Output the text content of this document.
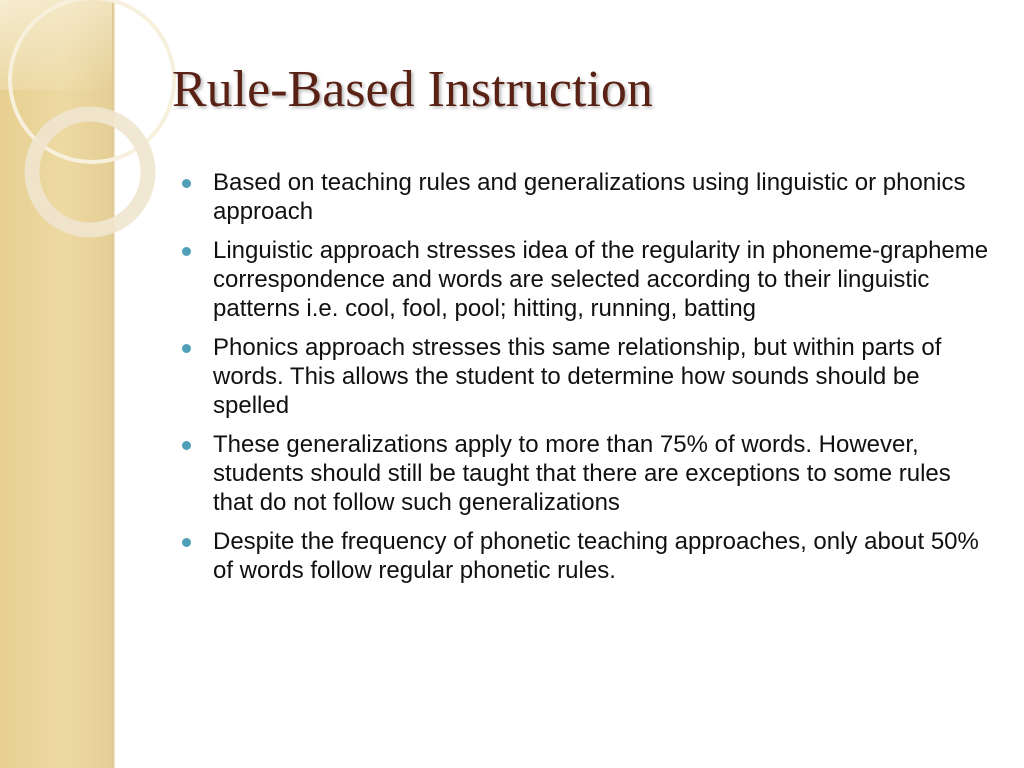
Rule-Based Instruction
Based on teaching rules and generalizations using linguistic or phonics approach
Linguistic approach stresses idea of the regularity in phoneme-grapheme correspondence and words are selected according to their linguistic patterns i.e. cool, fool, pool; hitting, running, batting
Phonics approach stresses this same relationship, but within parts of words. This allows the student to determine how sounds should be spelled
These generalizations apply to more than 75% of words. However, students should still be taught that there are exceptions to some rules that do not follow such generalizations
Despite the frequency of phonetic teaching approaches, only about 50% of words follow regular phonetic rules.
